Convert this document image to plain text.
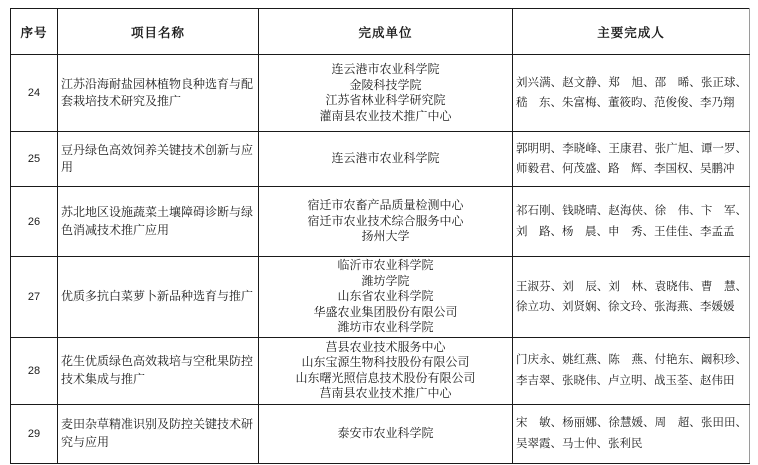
序号	项目名称	完成单位	主要完成人
24	江苏沿海耐盐园林植物良种选育与配套栽培技术研究及推广	连云港市农业科学院
金陵科技学院
江苏省林业科学研究院
灌南县农业技术推广中心	刘兴满、赵文静、郑　旭、邵　晞、张正球、嵇　东、朱富梅、董筱昀、范俊俊、李乃翔
25	豆丹绿色高效饲养关键技术创新与应用	连云港市农业科学院	郭明明、李晓峰、王康君、张广旭、谭一罗、师毅君、何茂盛、路　辉、李国权、吴鹏冲
26	苏北地区设施蔬菜土壤障碍诊断与绿色消减技术推广应用	宿迁市农畜产品质量检测中心
宿迁市农业技术综合服务中心
扬州大学	祁石刚、钱晓晴、赵海侠、徐　伟、卞　军、刘　路、杨　晨、申　秀、王佳佳、李孟孟
27	优质多抗白菜萝卜新品种选育与推广	临沂市农业科学院
潍坊学院
山东省农业科学院
华盛农业集团股份有限公司
潍坊市农业科学院	王淑芬、刘　辰、刘　林、袁晓伟、曹　慧、徐立功、刘贤娴、徐文玲、张海燕、李媛媛
28	花生优质绿色高效栽培与空秕果防控技术集成与推广	莒县农业技术服务中心
山东宝源生物科技股份有限公司
山东曙光照信息技术股份有限公司
莒南县农业技术推广中心	门庆永、姚红燕、陈　燕、付艳东、阚积珍、李吉翠、张晓伟、卢立明、战玉荃、赵伟田
29	麦田杂草精准识别及防控关键技术研究与应用	泰安市农业科学院	宋　敏、杨丽娜、徐慧媛、周　超、张田田、吴翠霞、马士仲、张利民
